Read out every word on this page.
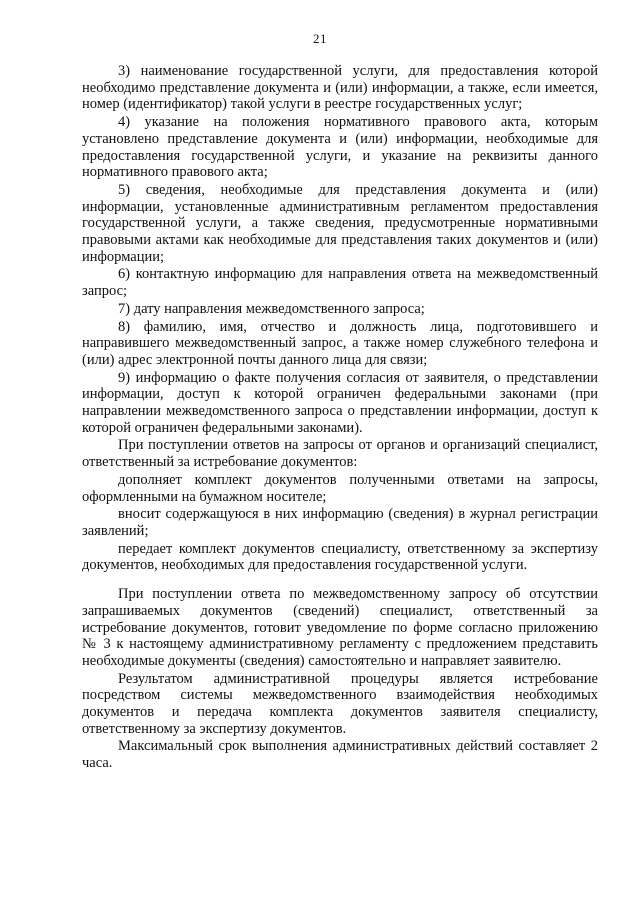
21

3) наименование государственной услуги, для предоставления которой необходимо представление документа и (или) информации, а также, если имеется, номер (идентификатор) такой услуги в реестре государственных услуг;

4) указание на положения нормативного правового акта, которым установлено представление документа и (или) информации, необходимые для предоставления государственной услуги, и указание на реквизиты данного нормативного правового акта;

5) сведения, необходимые для представления документа и (или) информации, установленные административным регламентом предоставления государственной услуги, а также сведения, предусмотренные нормативными правовыми актами как необходимые для представления таких документов и (или) информации;

6) контактную информацию для направления ответа на межведомственный запрос;

7) дату направления межведомственного запроса;

8) фамилию, имя, отчество и должность лица, подготовившего и направившего межведомственный запрос, а также номер служебного телефона и (или) адрес электронной почты данного лица для связи;

9) информацию о факте получения согласия от заявителя, о представлении информации, доступ к которой ограничен федеральными законами (при направлении межведомственного запроса о представлении информации, доступ к которой ограничен федеральными законами).

При поступлении ответов на запросы от органов и организаций специалист, ответственный за истребование документов:

дополняет комплект документов полученными ответами на запросы, оформленными на бумажном носителе;

вносит содержащуюся в них информацию (сведения) в журнал регистрации заявлений;

передает комплект документов специалисту, ответственному за экспертизу документов, необходимых для предоставления государственной услуги.

При поступлении ответа по межведомственному запросу об отсутствии запрашиваемых документов (сведений) специалист, ответственный за истребование документов, готовит уведомление по форме согласно приложению № 3 к настоящему административному регламенту с предложением представить необходимые документы (сведения) самостоятельно и направляет заявителю.

Результатом административной процедуры является истребование посредством системы межведомственного взаимодействия необходимых документов и передача комплекта документов заявителя специалисту, ответственному за экспертизу документов.

Максимальный срок выполнения административных действий составляет 2 часа.
